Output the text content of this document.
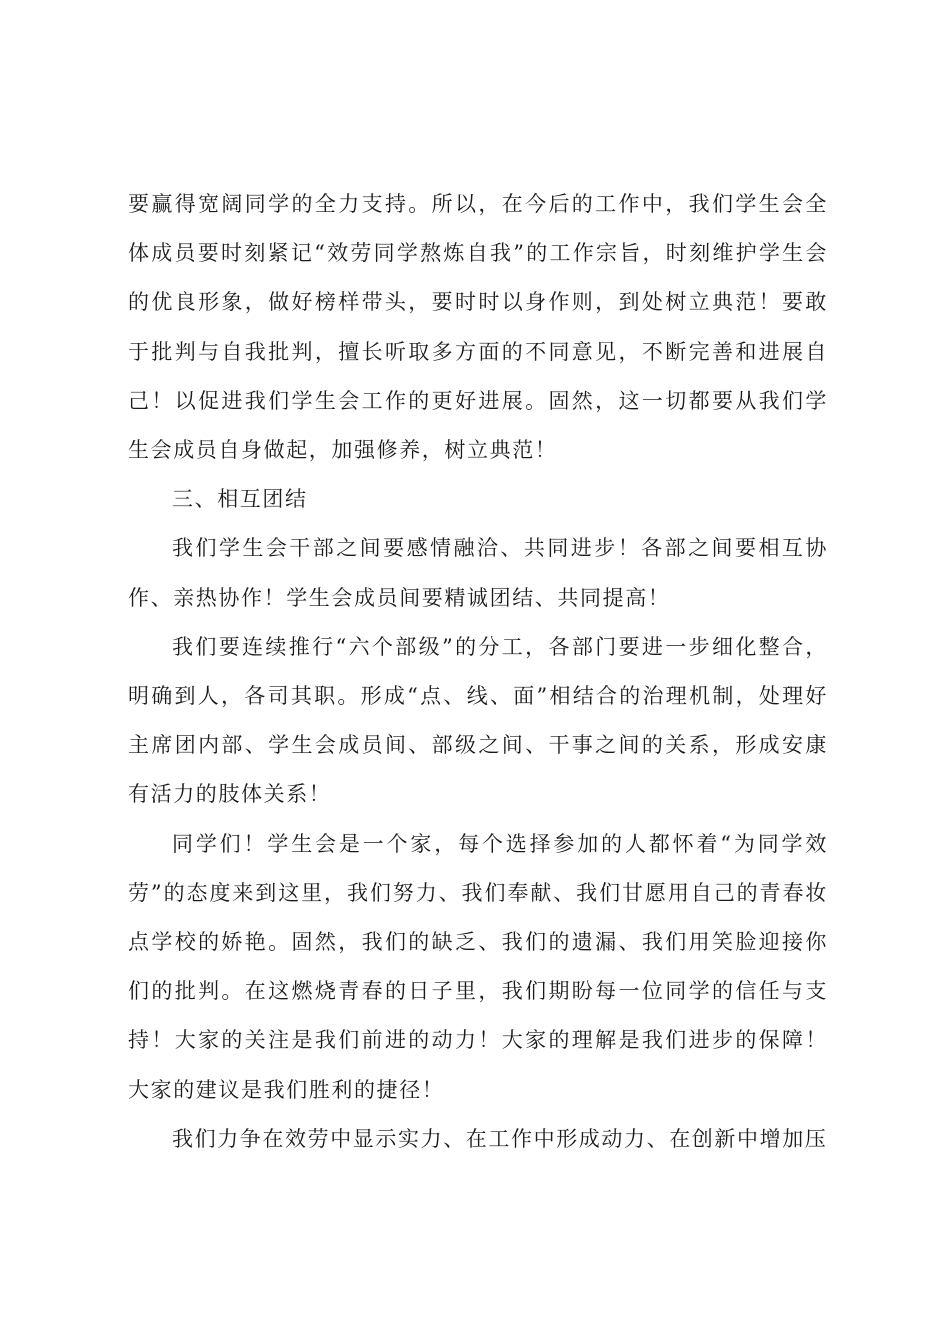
要赢得宽阔同学的全力支持。所以，在今后的工作中，我们学生会全体成员要时刻紧记“效劳同学熬炼自我”的工作宗旨，时刻维护学生会的优良形象，做好榜样带头，要时时以身作则，到处树立典范！要敢于批判与自我批判，擅长听取多方面的不同意见，不断完善和进展自己！以促进我们学生会工作的更好进展。固然，这一切都要从我们学生会成员自身做起，加强修养，树立典范！

三、相互团结

我们学生会干部之间要感情融洽、共同进步！各部之间要相互协作、亲热协作！学生会成员间要精诚团结、共同提高！

我们要连续推行“六个部级”的分工，各部门要进一步细化整合，明确到人，各司其职。形成“点、线、面”相结合的治理机制，处理好主席团内部、学生会成员间、部级之间、干事之间的关系，形成安康有活力的肢体关系！

同学们！学生会是一个家，每个选择参加的人都怀着“为同学效劳”的态度来到这里，我们努力、我们奉献、我们甘愿用自己的青春妆点学校的娇艳。固然，我们的缺乏、我们的遗漏、我们用笑脸迎接你们的批判。在这燃烧青春的日子里，我们期盼每一位同学的信任与支持！大家的关注是我们前进的动力！大家的理解是我们进步的保障！大家的建议是我们胜利的捷径！

我们力争在效劳中显示实力、在工作中形成动力、在创新中增加压
